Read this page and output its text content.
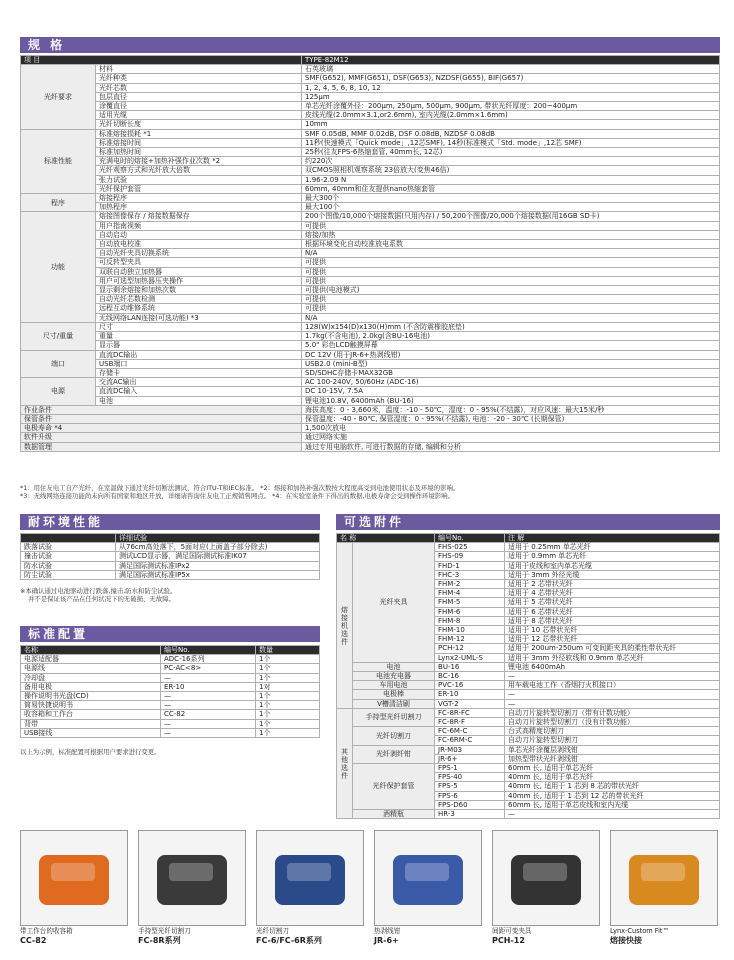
规 格
项 目		TYPE-82M12
光纤要求	材料	石英玻璃
	光纤种类	SMF(G652), MMF(G651), DSF(G653), NZDSF(G655), BIF(G657)
	光纤芯数	1, 2, 4, 5, 6, 8, 10, 12
	包层直径	125μm
	涂覆直径	单芯光纤涂覆外径：200μm, 250μm, 500μm, 900μm, 带状光纤厚度：200~400μm
	适用光缆	皮线光缆(2.0mm×3.1,or2.6mm), 室内光缆(2.0mm×1.6mm)
	光纤切断长度	10mm
标准性能	标准熔接损耗 *1	SMF 0.05dB, MMF 0.02dB, DSF 0.08dB, NZDSF 0.08dB
	标准熔接时间	11秒(快速模式「Quick mode」,12芯SMF), 14秒(标准模式「Std. mode」,12芯 SMF)
	标准加热时间	25秒(往友FPS-6热缩套管, 40mm长, 12芯)
	充满电时的熔接+加热补强作业次数 *2	约220次
	光纤观察方式和光纤放大倍数	双CMOS照相机观察系统 23倍放大(变焦46倍)
	张力试验	1.96-2.09 N
	光纤保护套管	60mm, 40mm和住友提供nano热缩套管
程序	熔接程序	最大300个
	加热程序	最大100个
功能	熔接图像保存 / 熔接数据保存	200个图像/10,000个熔接数据(只用内存) / 50,200个图像/20,000个熔接数据(用16GB SD卡)
	用户指南视频	可提供
	自动启动	熔接/加热
	自动放电校准	根据环境变化自动校准放电系数
	自动光纤夹具切换系统	N/A
	可反转型夹具	可提供
	双联自动独立加热器	可提供
	用户可选型加热器压夹操作	可提供
	显示剩余熔接和加热次数	可提供(电池模式)
	自动光纤芯数检测	可提供
	远程互动维修系统	可提供
	无线网络LAN连接(可选功能) *3	N/A
尺寸/重量	尺寸	128(W)x154(D)x130(H)mm (不含防震橡胶底垫)
	重量	1.7kg(不含电池), 2.0kg(含BU-16电池)
	显示器	5.0" 彩色LCD触摸屏幕
端口	直流DC输出	DC 12V (用于JR-6+热剥线钳)
	USB端口	USB2.0 (mini-B型)
	存储卡	SD/SDHC存储卡MAX32GB
电源	交流AC输出	AC 100-240V, 50/60Hz (ADC-16)
	直流DC输入	DC 10-15V, 7.5A
	电池	锂电池10.8V, 6400mAh (BU-16)
作业条件		海拔高度：0 - 3,660米，温度：-10 - 50℃，湿度：0 - 95%(不结露)，对应风速：最大15米/秒
保管条件		保管温度：-40 - 80℃, 保管湿度：0 - 95%(不结露), 电池：-20 - 30℃ (长期保管)
电极寿命 *4		1,500次放电
软件升级		通过网络实施
数据管理		通过专用电脑软件, 可进行数据的存储, 编辑和分析
*1：用住友电工自产光纤，在室温做下通过光纤切断法测试，符合ITU-T和IEC标准。 *2：熔接和加热补强次数按大程度高受到电池使用状态及环境的影响。
*3：无线网络连接功能尚未向所有国家和地区开放，详细请咨询住友电工正规销售网点。 *4：在实验室条件下得出的数据,电极寿命会受到操作环境影响。
耐环境性能
	详细试验
跌落试验	从76cm高处落下，5面对应(上面盖子部分除去)
撞击试验	测试LCD显示器，满足国际测试标准IK07
防水试验	满足国际测试标准IPx2
防尘试验	满足国际测试标准IP5x
※本确认通过电池驱动进行跌落,撞击,防水和防尘试验。
并不是保证该产品在任何状况下的无破损、无故障。
标准配置
名称	编号No.	数量
电源适配器	ADC-16系列	1个
电源线	PC-AC<8>	1个
冷却盘	—	1个
备用电极	ER-10	1对
操作说明书光盘(CD)	—	1个
简易快捷说明书	—	1个
收容箱和工作台	CC-82	1个
背带	—	1个
USB接线	—	1个
以上为示例，标准配置可根据用户要求进行变更。
可选附件
名 称		编号No.	注 解
熔接机选件	光纤夹具	FHS-025	适用于 0.25mm 单芯光纤
		FHS-09	适用于 0.9mm 单芯光纤
		FHD-1	适用于皮线和室内单芯光缆
		FHC-3	适用于 3mm 外径光缆
		FHM-2	适用于 2 芯带状光纤
		FHM-4	适用于 4 芯带状光纤
		FHM-5	适用于 5 芯带状光纤
		FHM-6	适用于 6 芯带状光纤
		FHM-8	适用于 8 芯带状光纤
		FHM-10	适用于 10 芯带状光纤
		FHM-12	适用于 12 芯带状光纤
		PCH-12	适用于 200um-250um 可变间距夹具的柔性带状光纤
		Lynx2-UML-S	适用于 3mm 外径软线和 0.9mm 单芯光纤
	电池	BU-16	锂电池 6400mAh
	电池充电器	BC-16	—
	车用电池	PVC-16	用车载电池工作（香烟打火机接口）
	电极棒	ER-10	—
	V槽清洁刷	VGT-2	—
其他选件	手持型光纤切割刀	FC-8R-FC	自动刀片旋转型切割刀（带有计数功能）
		FC-8R-F	自动刀片旋转型切割刀（没有计数功能）
	光纤切割刀	FC-6M-C	台式高精度切割刀
		FC-6RM-C	自动刀片旋转型切割刀
	光纤剥纤钳	JR-M03	单芯光纤涂覆层剥线钳
		JR-6+	加热型带状光纤剥线钳
	光纤保护套管	FPS-1	60mm 长, 适用于单芯光纤
		FPS-40	40mm 长, 适用于单芯光纤
		FPS-5	40mm 长, 适用于 1 芯到 8 芯的带状光纤
		FPS-6	40mm 长, 适用于 1 芯到 12 芯的带状光纤
		FPS-D60	60mm 长, 适用于单芯皮线和室内光缆
	酒精瓶	HR-3	—
带工作台的收容箱
CC-82
手持型光纤切割刀
FC-8R系列
光纤切割刀
FC-6/FC-6R系列
热剥线钳
JR-6+
间距可变夹具
PCH-12
Lynx-Custom Fit™
熔接快接
